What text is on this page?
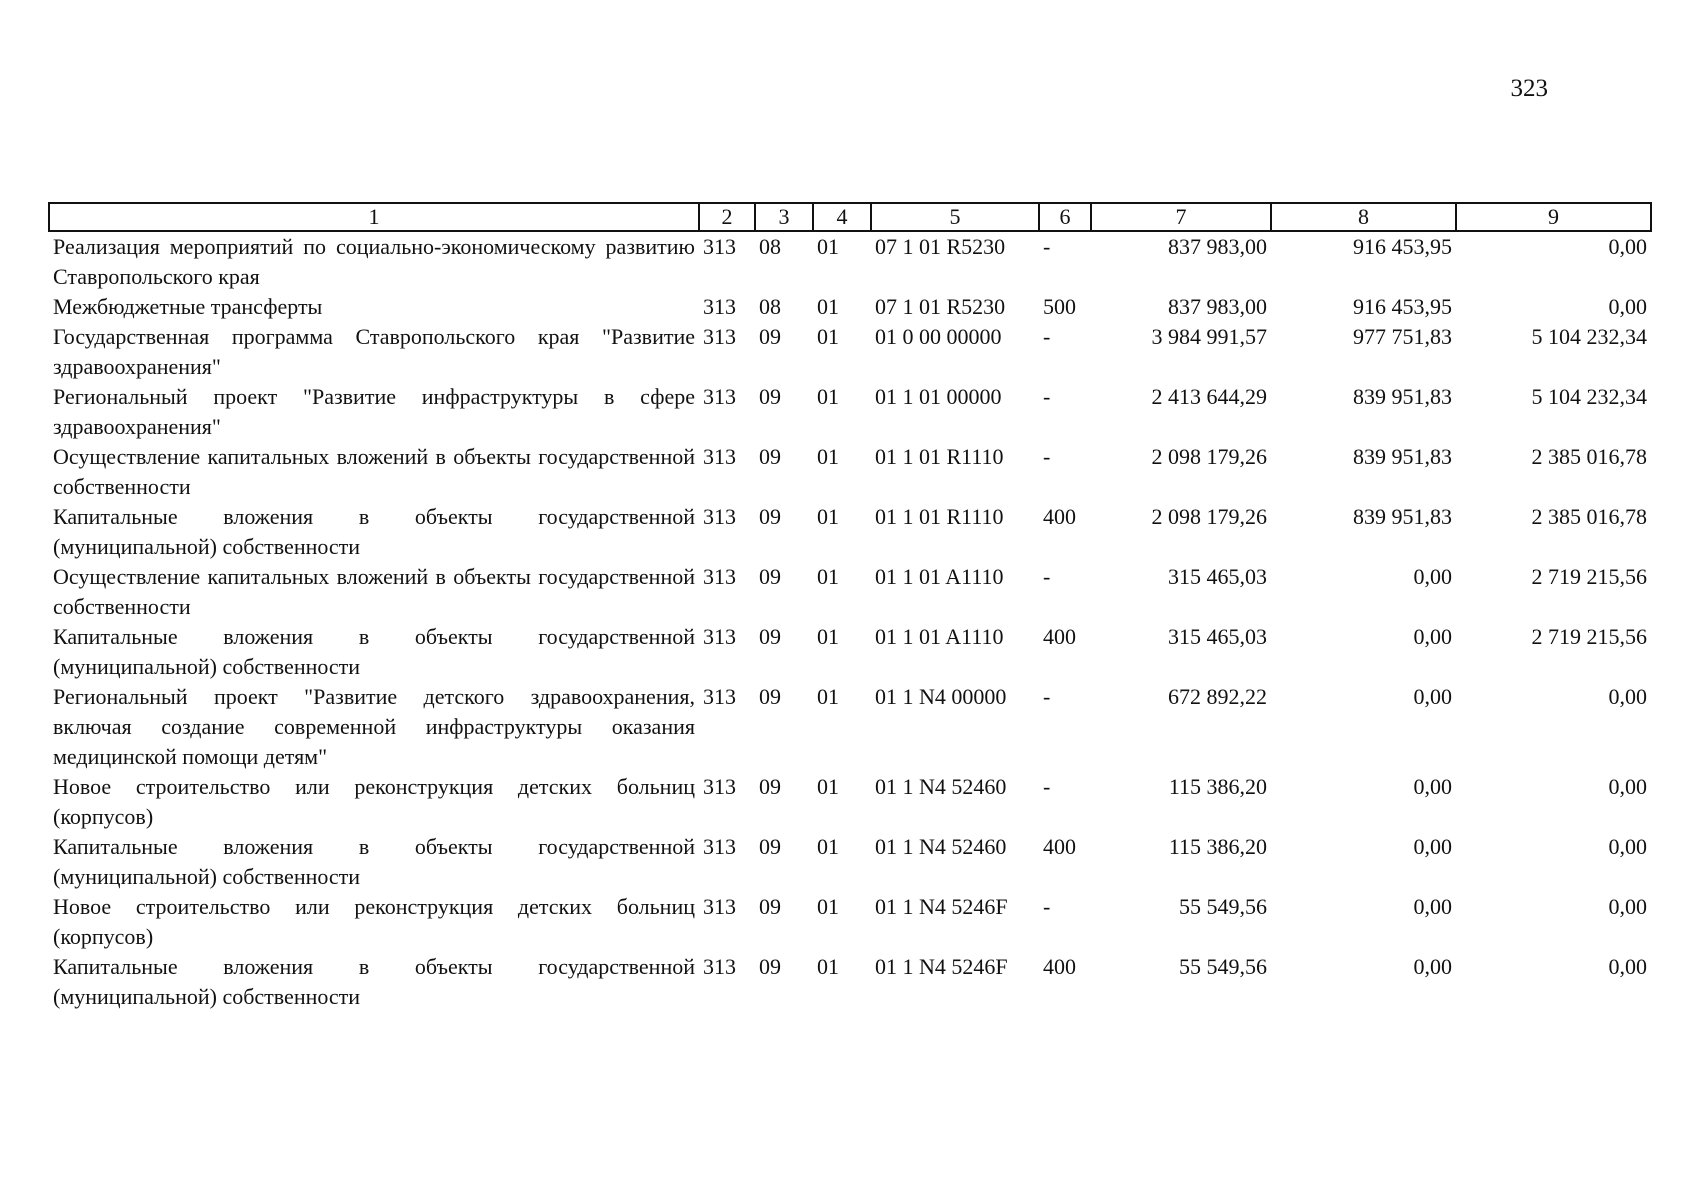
323
1	2	3	4	5	6	7	8	9
Реализация мероприятий по социально-экономическому развитию Ставропольского края	313	08	01	07 1 01 R5230	-	837 983,00	916 453,95	0,00
Межбюджетные трансферты	313	08	01	07 1 01 R5230	500	837 983,00	916 453,95	0,00
Государственная программа Ставропольского края "Развитие здравоохранения"	313	09	01	01 0 00 00000	-	3 984 991,57	977 751,83	5 104 232,34
Региональный проект "Развитие инфраструктуры в сфере здравоохранения"	313	09	01	01 1 01 00000	-	2 413 644,29	839 951,83	5 104 232,34
Осуществление капитальных вложений в объекты государственной собственности	313	09	01	01 1 01 R1110	-	2 098 179,26	839 951,83	2 385 016,78
Капитальные вложения в объекты государственной (муниципальной) собственности	313	09	01	01 1 01 R1110	400	2 098 179,26	839 951,83	2 385 016,78
Осуществление капитальных вложений в объекты государственной собственности	313	09	01	01 1 01 A1110	-	315 465,03	0,00	2 719 215,56
Капитальные вложения в объекты государственной (муниципальной) собственности	313	09	01	01 1 01 A1110	400	315 465,03	0,00	2 719 215,56
Региональный проект "Развитие детского здравоохранения, включая создание современной инфраструктуры оказания медицинской помощи детям"	313	09	01	01 1 N4 00000	-	672 892,22	0,00	0,00
Новое строительство или реконструкция детских больниц (корпусов)	313	09	01	01 1 N4 52460	-	115 386,20	0,00	0,00
Капитальные вложения в объекты государственной (муниципальной) собственности	313	09	01	01 1 N4 52460	400	115 386,20	0,00	0,00
Новое строительство или реконструкция детских больниц (корпусов)	313	09	01	01 1 N4 5246F	-	55 549,56	0,00	0,00
Капитальные вложения в объекты государственной (муниципальной) собственности	313	09	01	01 1 N4 5246F	400	55 549,56	0,00	0,00
